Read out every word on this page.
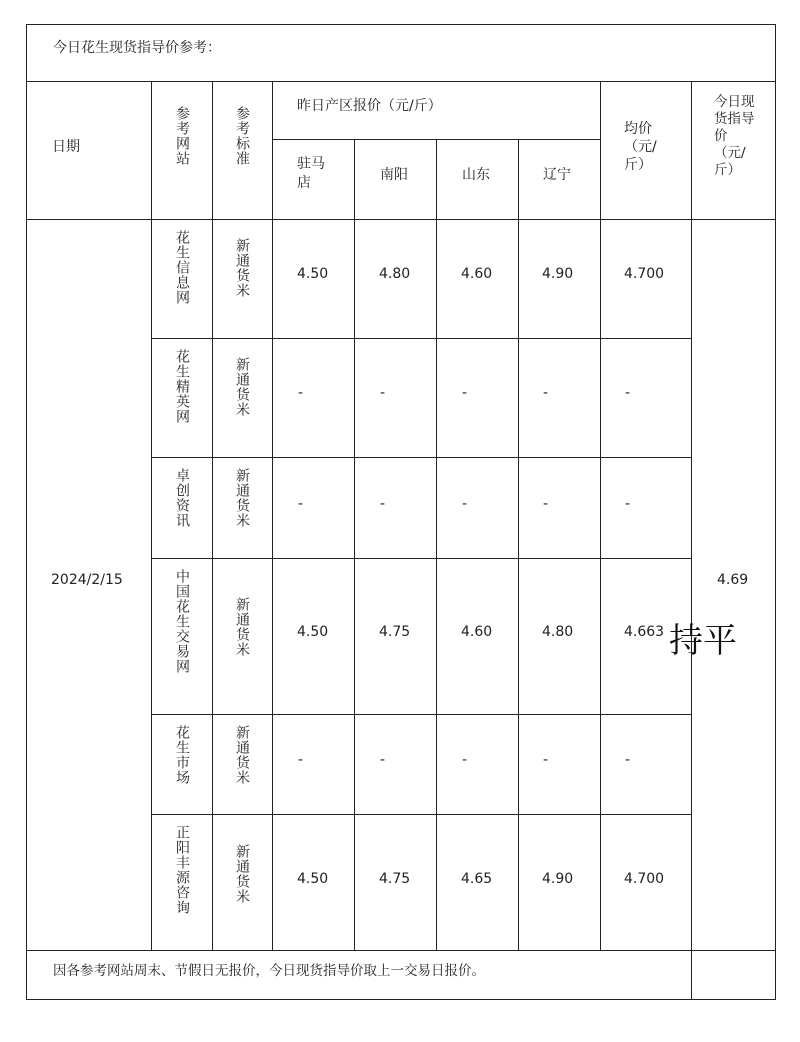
今日花生现货指导价参考：
日期	参考网站	参考标准	昨日产区报价（元/斤）
驻马店	南阳	山东	辽宁
均价（元/斤）
今日现货指导价（元/斤）
2024/2/15
花生信息网	新通货米	4.50	4.80	4.60	4.90	4.700
花生精英网	新通货米	-	-	-	-	-
卓创资讯	新通货米	-	-	-	-	-
中国花生交易网	新通货米	4.50	4.75	4.60	4.80	4.663
花生市场	新通货米	-	-	-	-	-
正阳丰源咨询	新通货米	4.50	4.75	4.65	4.90	4.700
4.69
因各参考网站周末、节假日无报价，今日现货指导价取上一交易日报价。
持平
